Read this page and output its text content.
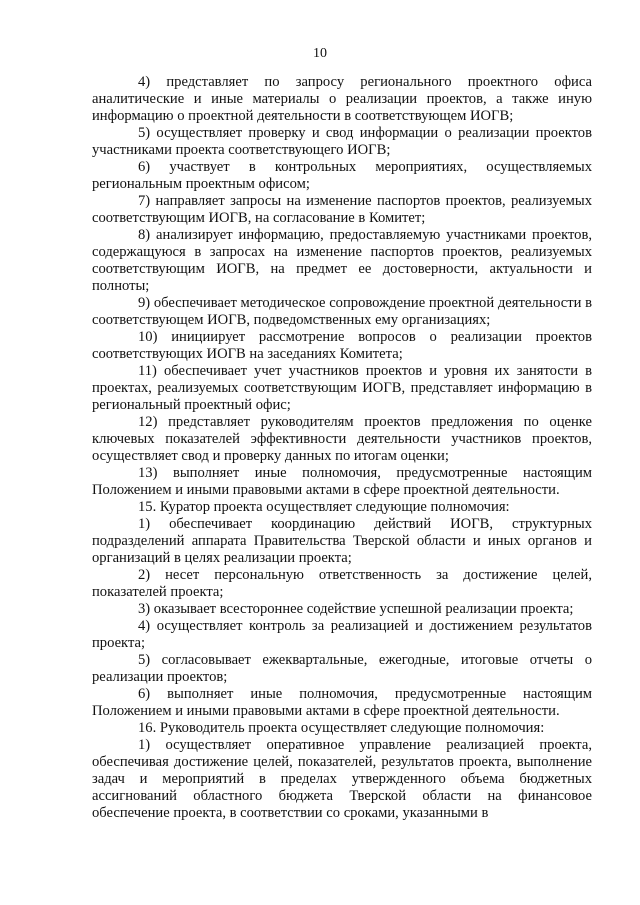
10

4) представляет по запросу регионального проектного офиса аналитические и иные материалы о реализации проектов, а также иную информацию о проектной деятельности в соответствующем ИОГВ;

5) осуществляет проверку и свод информации о реализации проектов участниками проекта соответствующего ИОГВ;

6) участвует в контрольных мероприятиях, осуществляемых региональным проектным офисом;

7) направляет запросы на изменение паспортов проектов, реализуемых соответствующим ИОГВ, на согласование в Комитет;

8) анализирует информацию, предоставляемую участниками проектов, содержащуюся в запросах на изменение паспортов проектов, реализуемых соответствующим ИОГВ, на предмет ее достоверности, актуальности и полноты;

9) обеспечивает методическое сопровождение проектной деятельности в соответствующем ИОГВ, подведомственных ему организациях;

10) инициирует рассмотрение вопросов о реализации проектов соответствующих ИОГВ на заседаниях Комитета;

11) обеспечивает учет участников проектов и уровня их занятости в проектах, реализуемых соответствующим ИОГВ, представляет информацию в региональный проектный офис;

12) представляет руководителям проектов предложения по оценке ключевых показателей эффективности деятельности участников проектов, осуществляет свод и проверку данных по итогам оценки;

13) выполняет иные полномочия, предусмотренные настоящим Положением и иными правовыми актами в сфере проектной деятельности.

15. Куратор проекта осуществляет следующие полномочия:

1) обеспечивает координацию действий ИОГВ, структурных подразделений аппарата Правительства Тверской области и иных органов и организаций в целях реализации проекта;

2) несет персональную ответственность за достижение целей, показателей проекта;

3) оказывает всестороннее содействие успешной реализации проекта;

4) осуществляет контроль за реализацией и достижением результатов проекта;

5) согласовывает ежеквартальные, ежегодные, итоговые отчеты о реализации проектов;

6) выполняет иные полномочия, предусмотренные настоящим Положением и иными правовыми актами в сфере проектной деятельности.

16. Руководитель проекта осуществляет следующие полномочия:

1) осуществляет оперативное управление реализацией проекта, обеспечивая достижение целей, показателей, результатов проекта, выполнение задач и мероприятий в пределах утвержденного объема бюджетных ассигнований областного бюджета Тверской области на финансовое обеспечение проекта, в соответствии со сроками, указанными в
